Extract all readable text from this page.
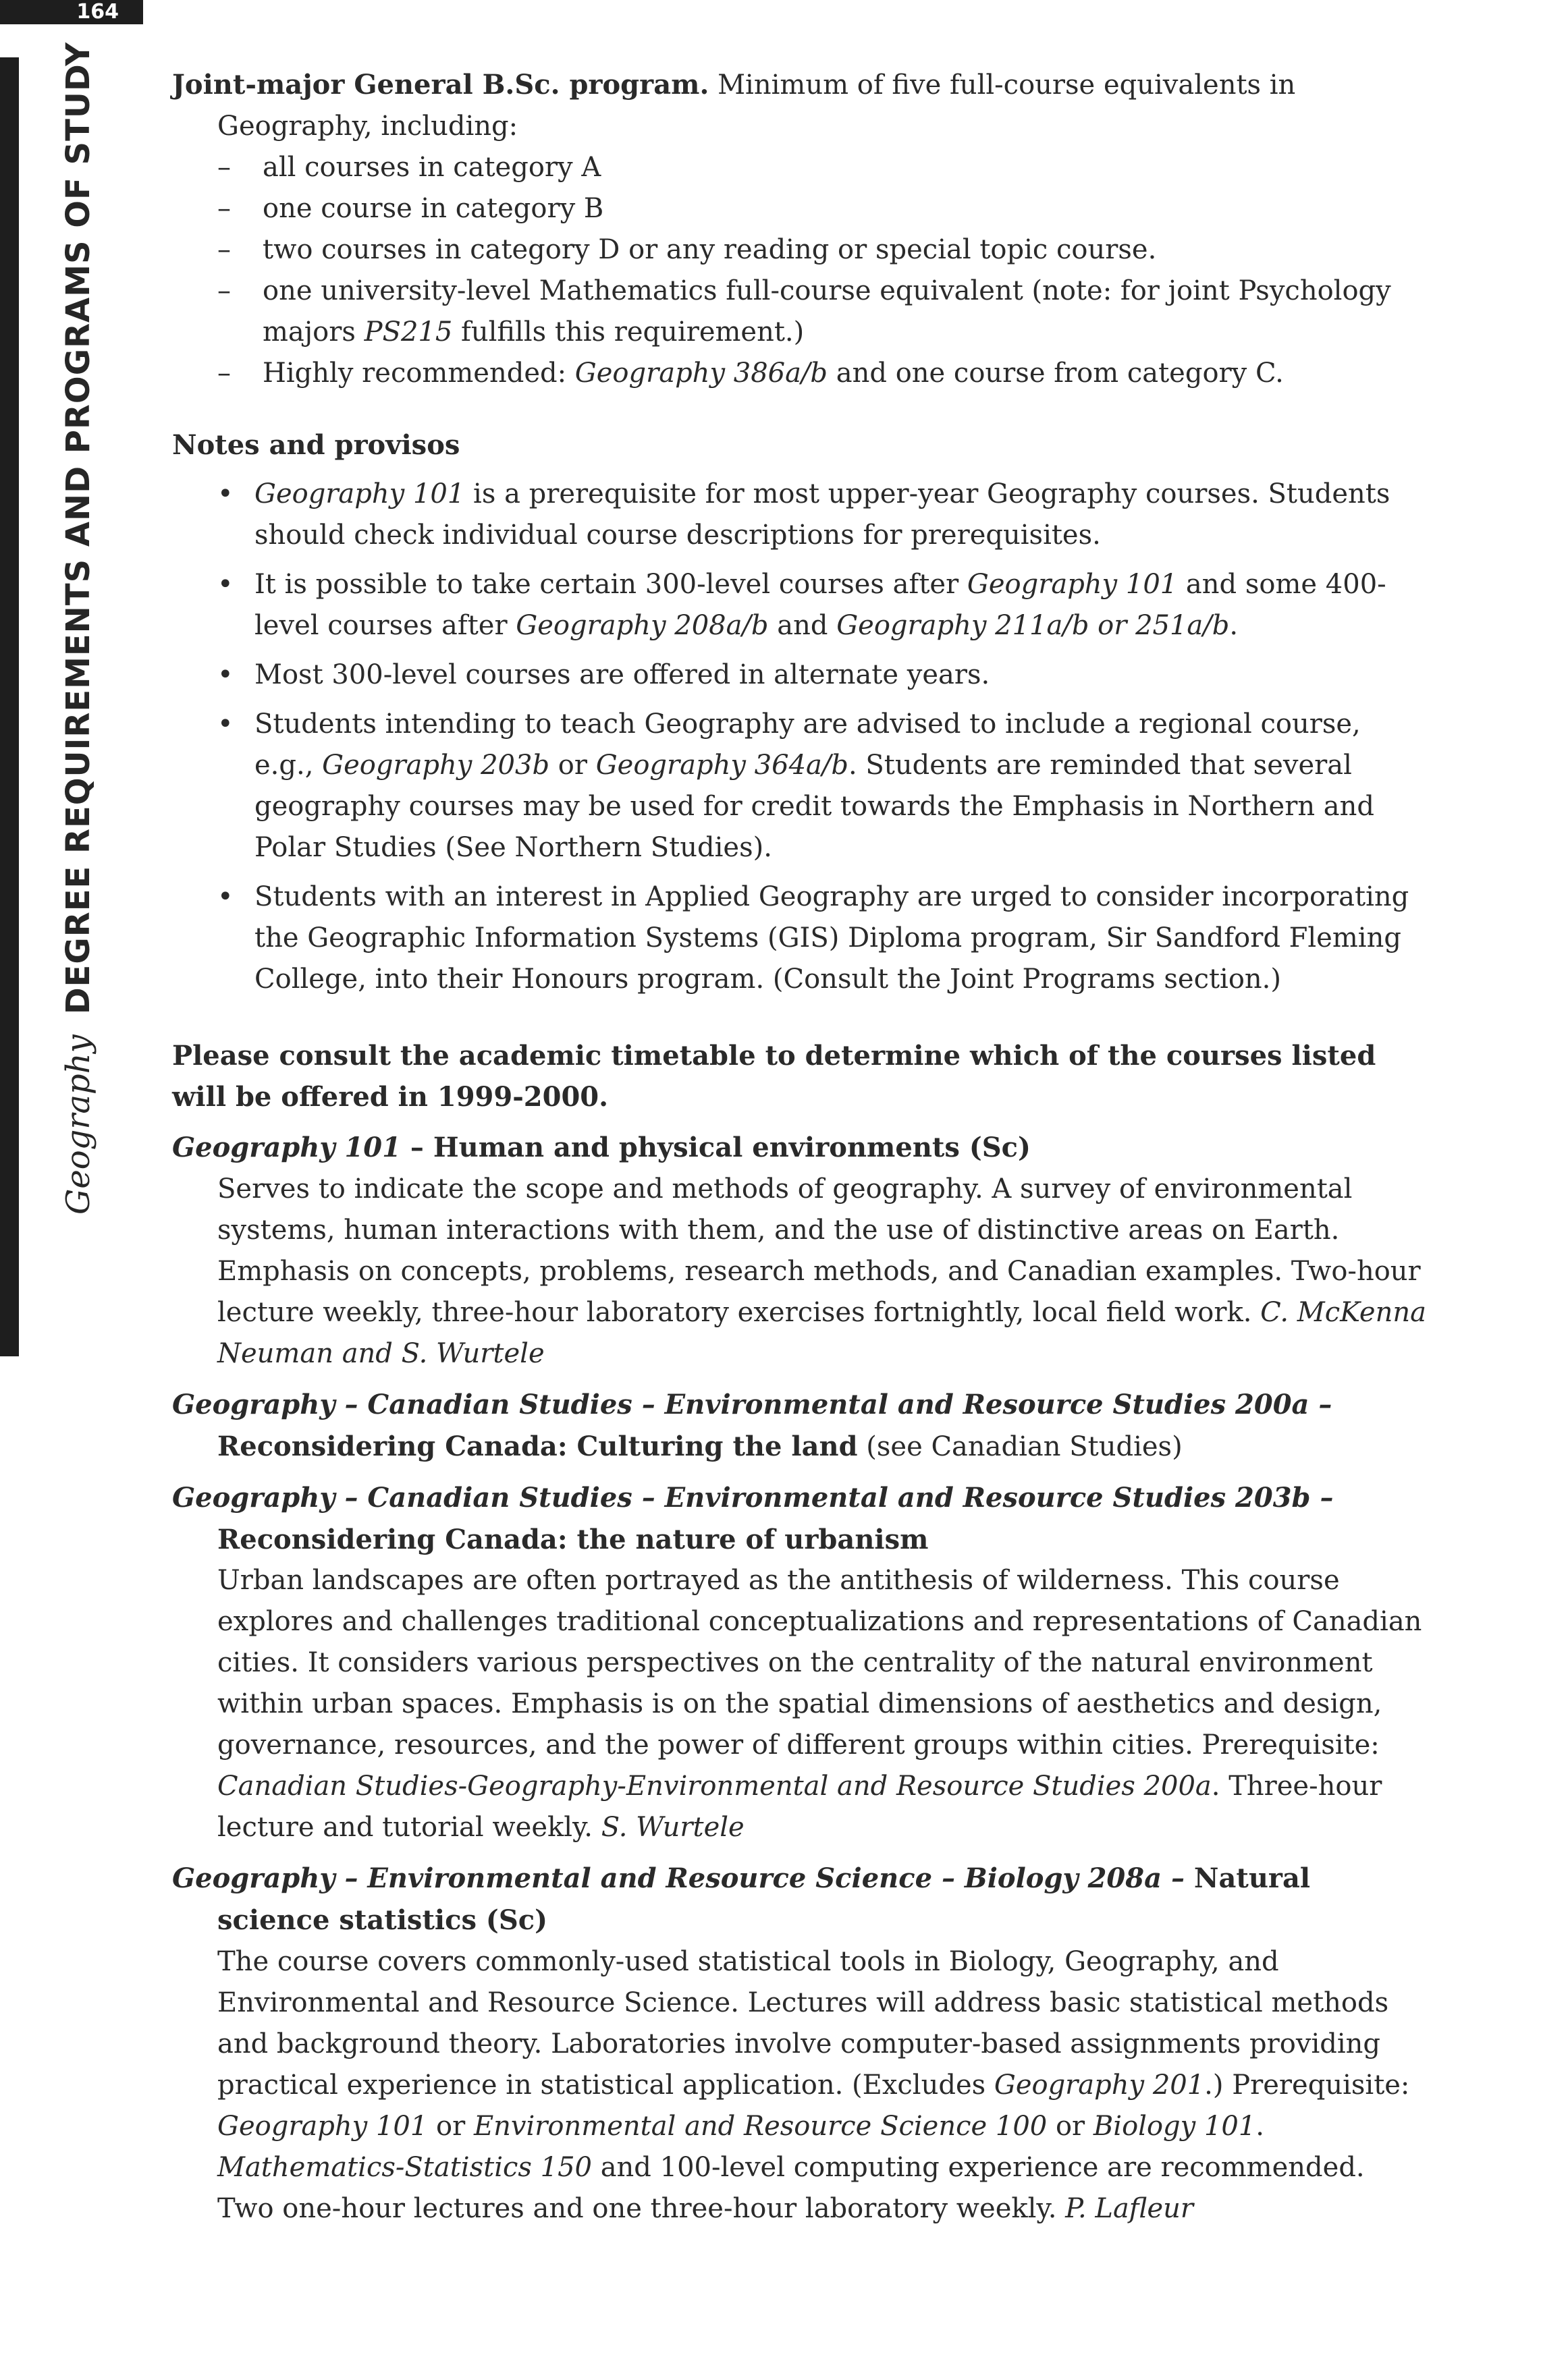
164
GeographyDEGREE REQUIREMENTS AND PROGRAMS OF STUDY	Joint-major General B.Sc. program. Minimum of five full-course equivalents in Geography, including:

– all courses in category A
– one course in category B
– two courses in category D or any reading or special topic course.
– one university-level Mathematics full-course equivalent (note: for joint Psychology majors PS215 fulfills this requirement.)
– Highly recommended: Geography 386a/b and one course from category C.

Notes and provisos

• Geography 101 is a prerequisite for most upper-year Geography courses. Students should check individual course descriptions for prerequisites.
• It is possible to take certain 300-level courses after Geography 101 and some 400-level courses after Geography 208a/b and Geography 211a/b or 251a/b.
• Most 300-level courses are offered in alternate years.
• Students intending to teach Geography are advised to include a regional course, e.g., Geography 203b or Geography 364a/b. Students are reminded that several geography courses may be used for credit towards the Emphasis in Northern and Polar Studies (See Northern Studies).
• Students with an interest in Applied Geography are urged to consider incorporating the Geographic Information Systems (GIS) Diploma program, Sir Sandford Fleming College, into their Honours program. (Consult the Joint Programs section.)

Please consult the academic timetable to determine which of the courses listed will be offered in 1999-2000.

Geography 101 – Human and physical environments (Sc)

Serves to indicate the scope and methods of geography. A survey of environmental systems, human interactions with them, and the use of distinctive areas on Earth. Emphasis on concepts, problems, research methods, and Canadian examples. Two-hour lecture weekly, three-hour laboratory exercises fortnightly, local field work. C. McKenna Neuman and S. Wurtele

Geography – Canadian Studies – Environmental and Resource Studies 200a –

Reconsidering Canada: Culturing the land (see Canadian Studies)

Geography – Canadian Studies – Environmental and Resource Studies 203b –

Reconsidering Canada: the nature of urbanism

Urban landscapes are often portrayed as the antithesis of wilderness. This course explores and challenges traditional conceptualizations and representations of Canadian cities. It considers various perspectives on the centrality of the natural environment within urban spaces. Emphasis is on the spatial dimensions of aesthetics and design, governance, resources, and the power of different groups within cities. Prerequisite: Canadian Studies-Geography-Environmental and Resource Studies 200a. Three-hour lecture and tutorial weekly. S. Wurtele

Geography – Environmental and Resource Science – Biology 208a – Natural science statistics (Sc)

The course covers commonly-used statistical tools in Biology, Geography, and Environmental and Resource Science. Lectures will address basic statistical methods and background theory. Laboratories involve computer-based assignments providing practical experience in statistical application. (Excludes Geography 201.) Prerequisite: Geography 101 or Environmental and Resource Science 100 or Biology 101. Mathematics-Statistics 150 and 100-level computing experience are recommended. Two one-hour lectures and one three-hour laboratory weekly. P. Lafleur
